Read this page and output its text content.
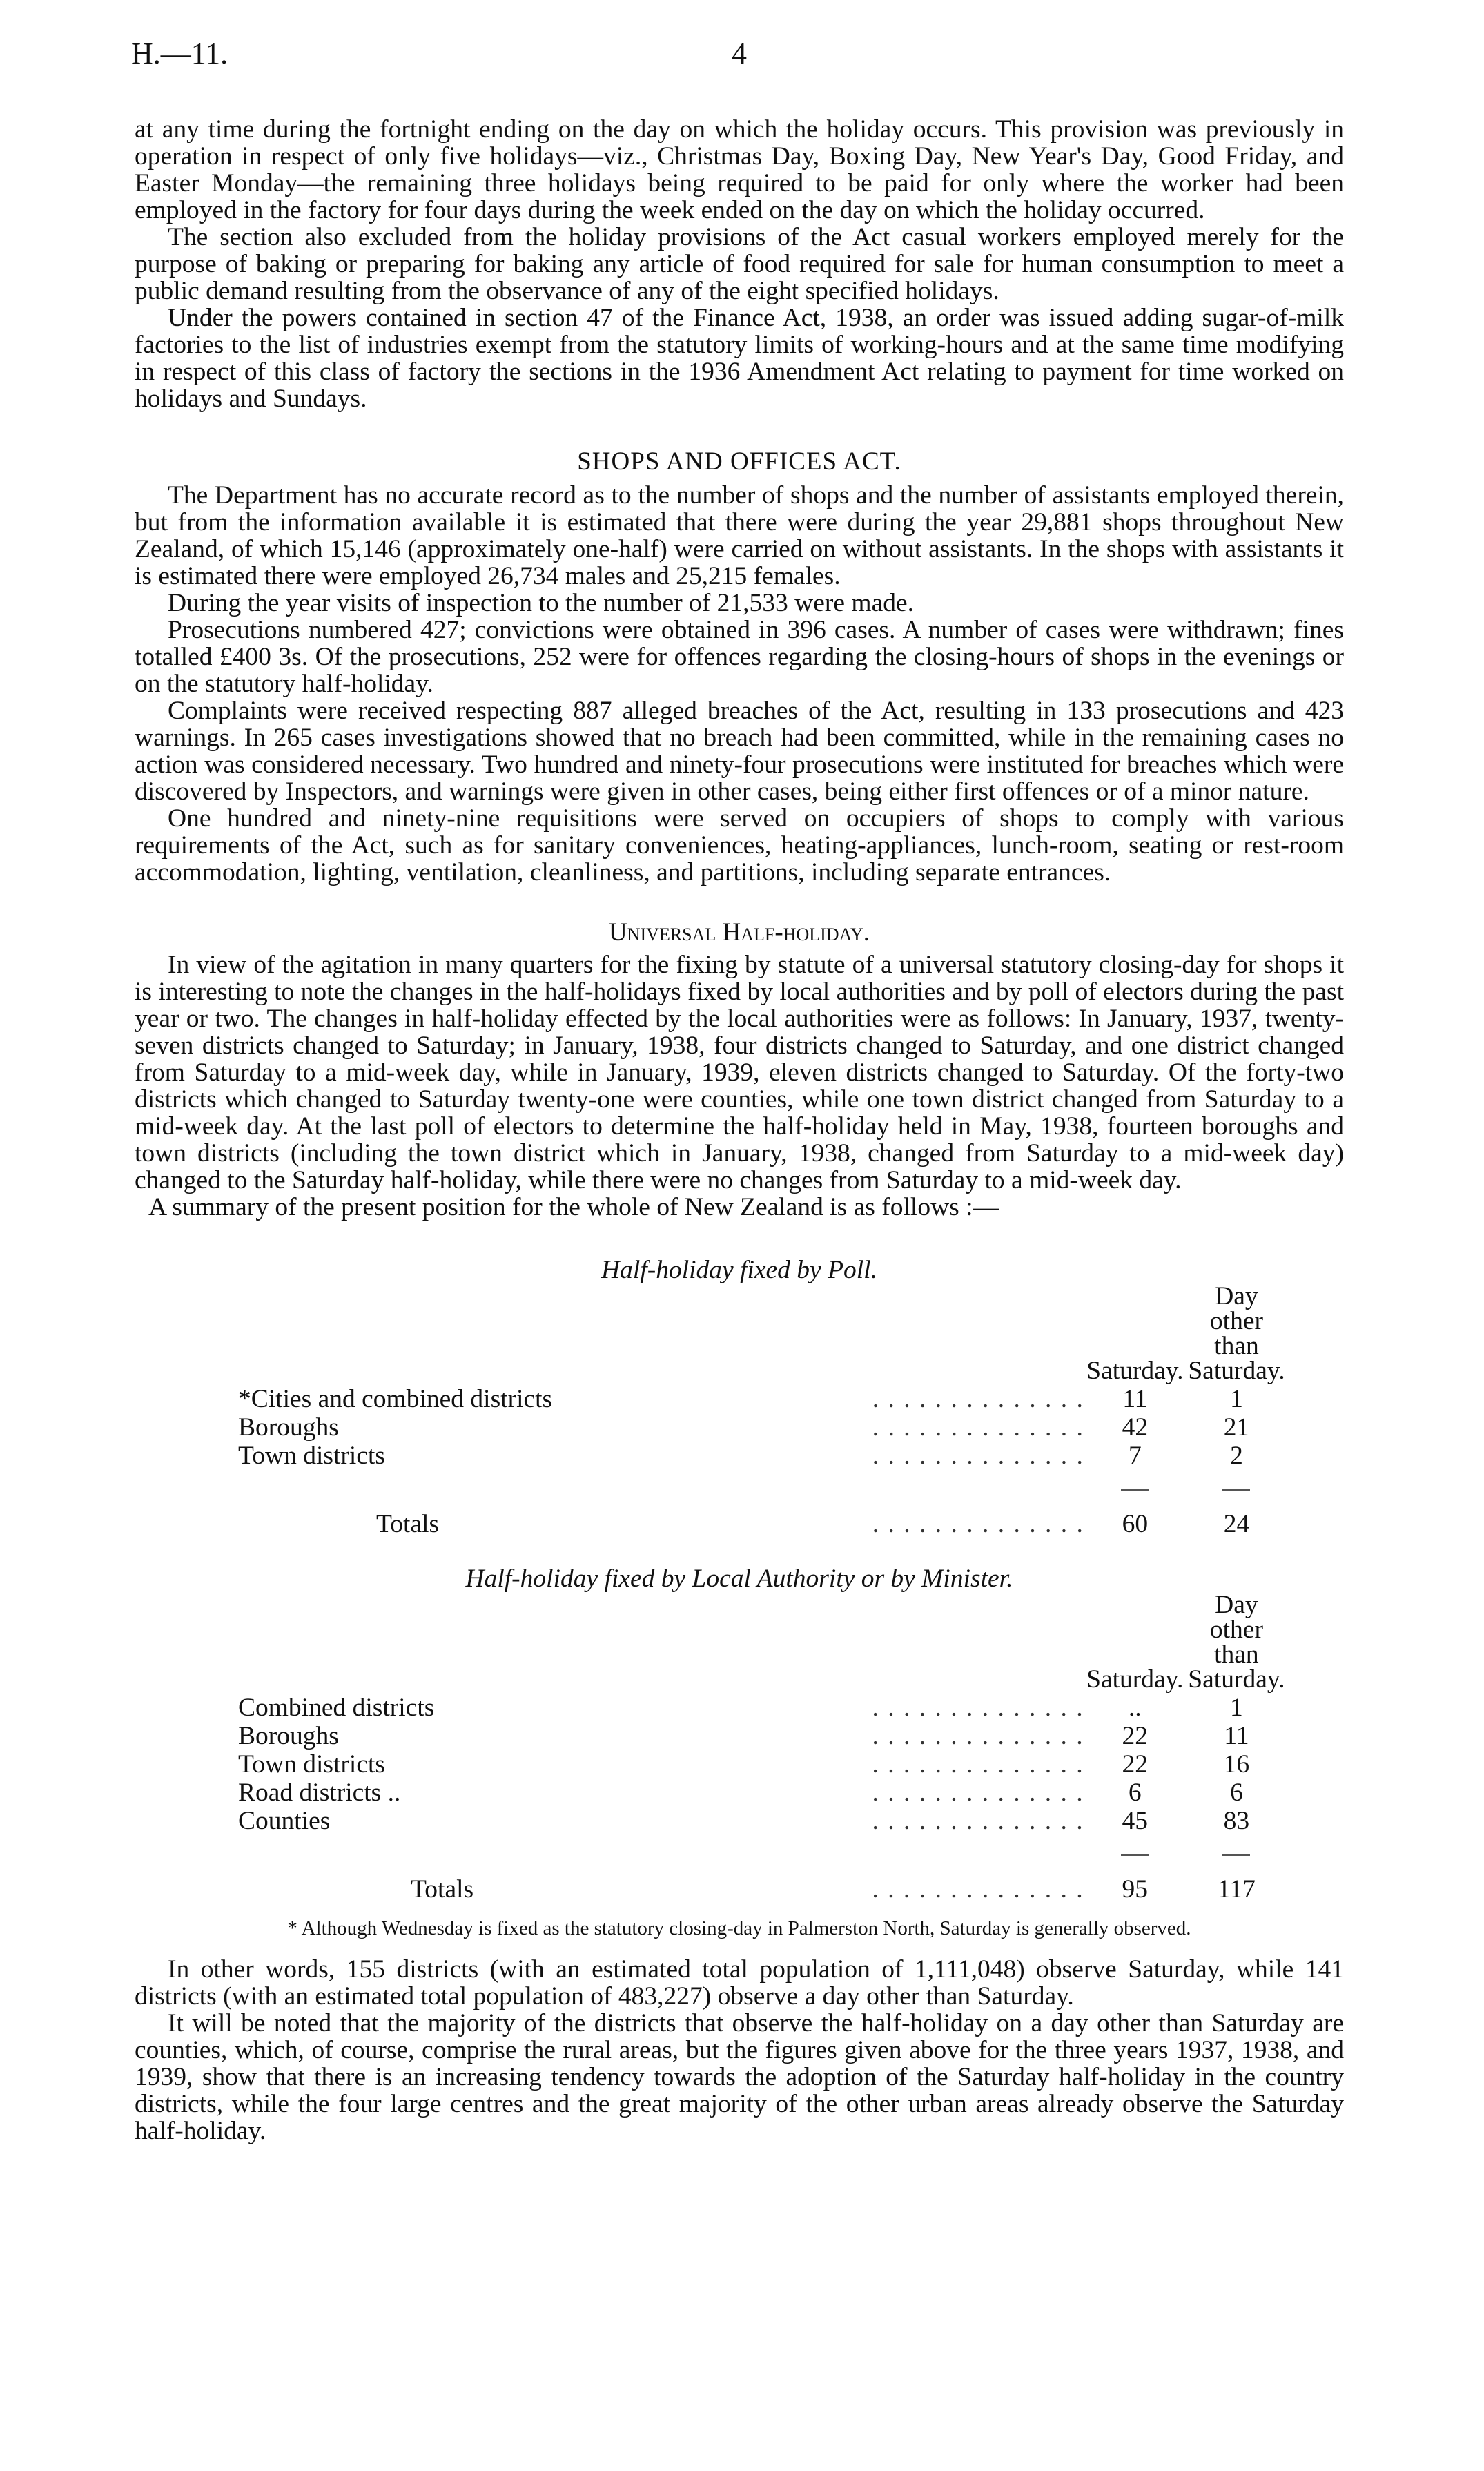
H.—11.	4

at any time during the fortnight ending on the day on which the holiday occurs. This provision was previously in operation in respect of only five holidays—viz., Christmas Day, Boxing Day, New Year's Day, Good Friday, and Easter Monday—the remaining three holidays being required to be paid for only where the worker had been employed in the factory for four days during the week ended on the day on which the holiday occurred.

The section also excluded from the holiday provisions of the Act casual workers employed merely for the purpose of baking or preparing for baking any article of food required for sale for human consumption to meet a public demand resulting from the observance of any of the eight specified holidays.

Under the powers contained in section 47 of the Finance Act, 1938, an order was issued adding sugar-of-milk factories to the list of industries exempt from the statutory limits of working-hours and at the same time modifying in respect of this class of factory the sections in the 1936 Amendment Act relating to payment for time worked on holidays and Sundays.

SHOPS AND OFFICES ACT.

The Department has no accurate record as to the number of shops and the number of assistants employed therein, but from the information available it is estimated that there were during the year 29,881 shops throughout New Zealand, of which 15,146 (approximately one-half) were carried on without assistants. In the shops with assistants it is estimated there were employed 26,734 males and 25,215 females.

During the year visits of inspection to the number of 21,533 were made.

Prosecutions numbered 427; convictions were obtained in 396 cases. A number of cases were withdrawn; fines totalled £400 3s. Of the prosecutions, 252 were for offences regarding the closing-hours of shops in the evenings or on the statutory half-holiday.

Complaints were received respecting 887 alleged breaches of the Act, resulting in 133 prosecutions and 423 warnings. In 265 cases investigations showed that no breach had been committed, while in the remaining cases no action was considered necessary. Two hundred and ninety-four prosecutions were instituted for breaches which were discovered by Inspectors, and warnings were given in other cases, being either first offences or of a minor nature.

One hundred and ninety-nine requisitions were served on occupiers of shops to comply with various requirements of the Act, such as for sanitary conveniences, heating-appliances, lunch-room, seating or rest-room accommodation, lighting, ventilation, cleanliness, and partitions, including separate entrances.

Universal Half-holiday.

In view of the agitation in many quarters for the fixing by statute of a universal statutory closing-day for shops it is interesting to note the changes in the half-holidays fixed by local authorities and by poll of electors during the past year or two. The changes in half-holiday effected by the local authorities were as follows: In January, 1937, twenty-seven districts changed to Saturday; in January, 1938, four districts changed to Saturday, and one district changed from Saturday to a mid-week day, while in January, 1939, eleven districts changed to Saturday. Of the forty-two districts which changed to Saturday twenty-one were counties, while one town district changed from Saturday to a mid-week day. At the last poll of electors to determine the half-holiday held in May, 1938, fourteen boroughs and town districts (including the town district which in January, 1938, changed from Saturday to a mid-week day) changed to the Saturday half-holiday, while there were no changes from Saturday to a mid-week day.

A summary of the present position for the whole of New Zealand is as follows :—

Half-holiday fixed by Poll.
		Saturday.	Day other than
Saturday.
*Cities and combined districts	. . . . . . . . . . . . . .	11	1
Boroughs	. . . . . . . . . . . . . .	42	21
Town districts	. . . . . . . . . . . . . .	7	2

Totals	. . . . . . . . . . . . . .	60	24
Half-holiday fixed by Local Authority or by Minister.
		Saturday.	Day other than
Saturday.
Combined districts	. . . . . . . . . . . . . .	..	1
Boroughs	. . . . . . . . . . . . . .	22	11
Town districts	. . . . . . . . . . . . . .	22	16
Road districts ..	. . . . . . . . . . . . . .	6	6
Counties	. . . . . . . . . . . . . .	45	83

Totals	. . . . . . . . . . . . . .	95	117
* Although Wednesday is fixed as the statutory closing-day in Palmerston North, Saturday is generally observed.

In other words, 155 districts (with an estimated total population of 1,111,048) observe Saturday, while 141 districts (with an estimated total population of 483,227) observe a day other than Saturday.

It will be noted that the majority of the districts that observe the half-holiday on a day other than Saturday are counties, which, of course, comprise the rural areas, but the figures given above for the three years 1937, 1938, and 1939, show that there is an increasing tendency towards the adoption of the Saturday half-holiday in the country districts, while the four large centres and the great majority of the other urban areas already observe the Saturday half-holiday.
